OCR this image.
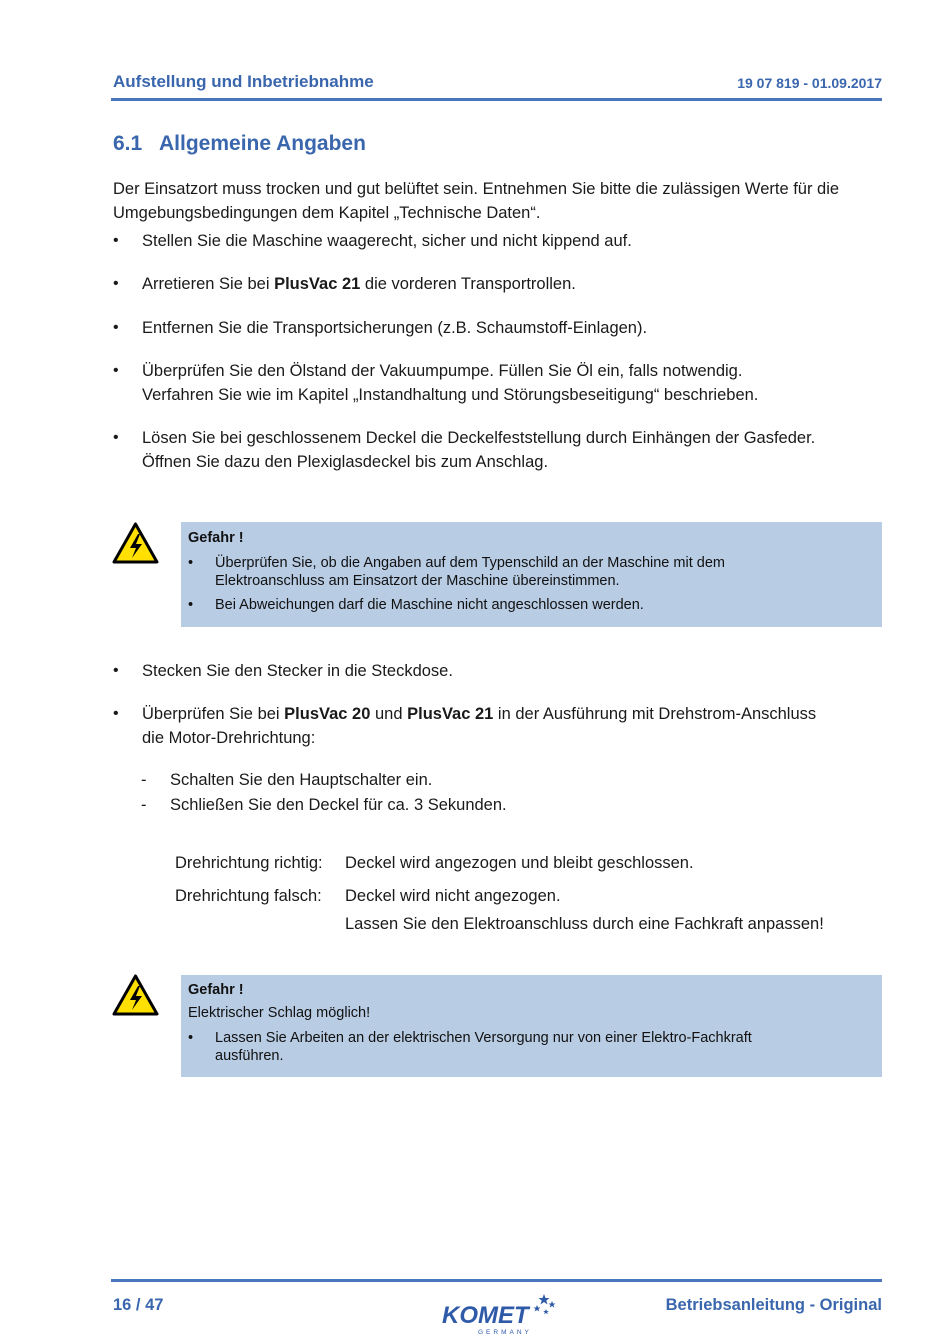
Aufstellung und Inbetriebnahme	19 07 819 - 01.09.2017
6.1 Allgemeine Angaben
Der Einsatzort muss trocken und gut belüftet sein. Entnehmen Sie bitte die zulässigen Werte für die Umgebungsbedingungen dem Kapitel „Technische Daten“.
•	Stellen Sie die Maschine waagerecht, sicher und nicht kippend auf.
•	Arretieren Sie bei PlusVac 21 die vorderen Transportrollen.
•	Entfernen Sie die Transportsicherungen (z.B. Schaumstoff-Einlagen).
•	Überprüfen Sie den Ölstand der Vakuumpumpe. Füllen Sie Öl ein, falls notwendig.
Verfahren Sie wie im Kapitel „Instandhaltung und Störungsbeseitigung“ beschrieben.
•	Lösen Sie bei geschlossenem Deckel die Deckelfeststellung durch Einhängen der Gasfeder.
Öffnen Sie dazu den Plexiglasdeckel bis zum Anschlag.
Gefahr !
• Überprüfen Sie, ob die Angaben auf dem Typenschild an der Maschine mit dem
Elektroanschluss am Einsatzort der Maschine übereinstimmen.
• Bei Abweichungen darf die Maschine nicht angeschlossen werden.
•	Stecken Sie den Stecker in die Steckdose.
•	Überprüfen Sie bei PlusVac 20 und PlusVac 21 in der Ausführung mit Drehstrom-Anschluss
die Motor-Drehrichtung:
- Schalten Sie den Hauptschalter ein.
- Schließen Sie den Deckel für ca. 3 Sekunden.
Drehrichtung richtig: Deckel wird angezogen und bleibt geschlossen.
Drehrichtung falsch: Deckel wird nicht angezogen.
Lassen Sie den Elektroanschluss durch eine Fachkraft anpassen!
Gefahr !
Elektrischer Schlag möglich!
• Lassen Sie Arbeiten an der elektrischen Versorgung nur von einer Elektro-Fachkraft
ausführen.
16 / 47	KOMET
GERMANY
Betriebsanleitung - Original
